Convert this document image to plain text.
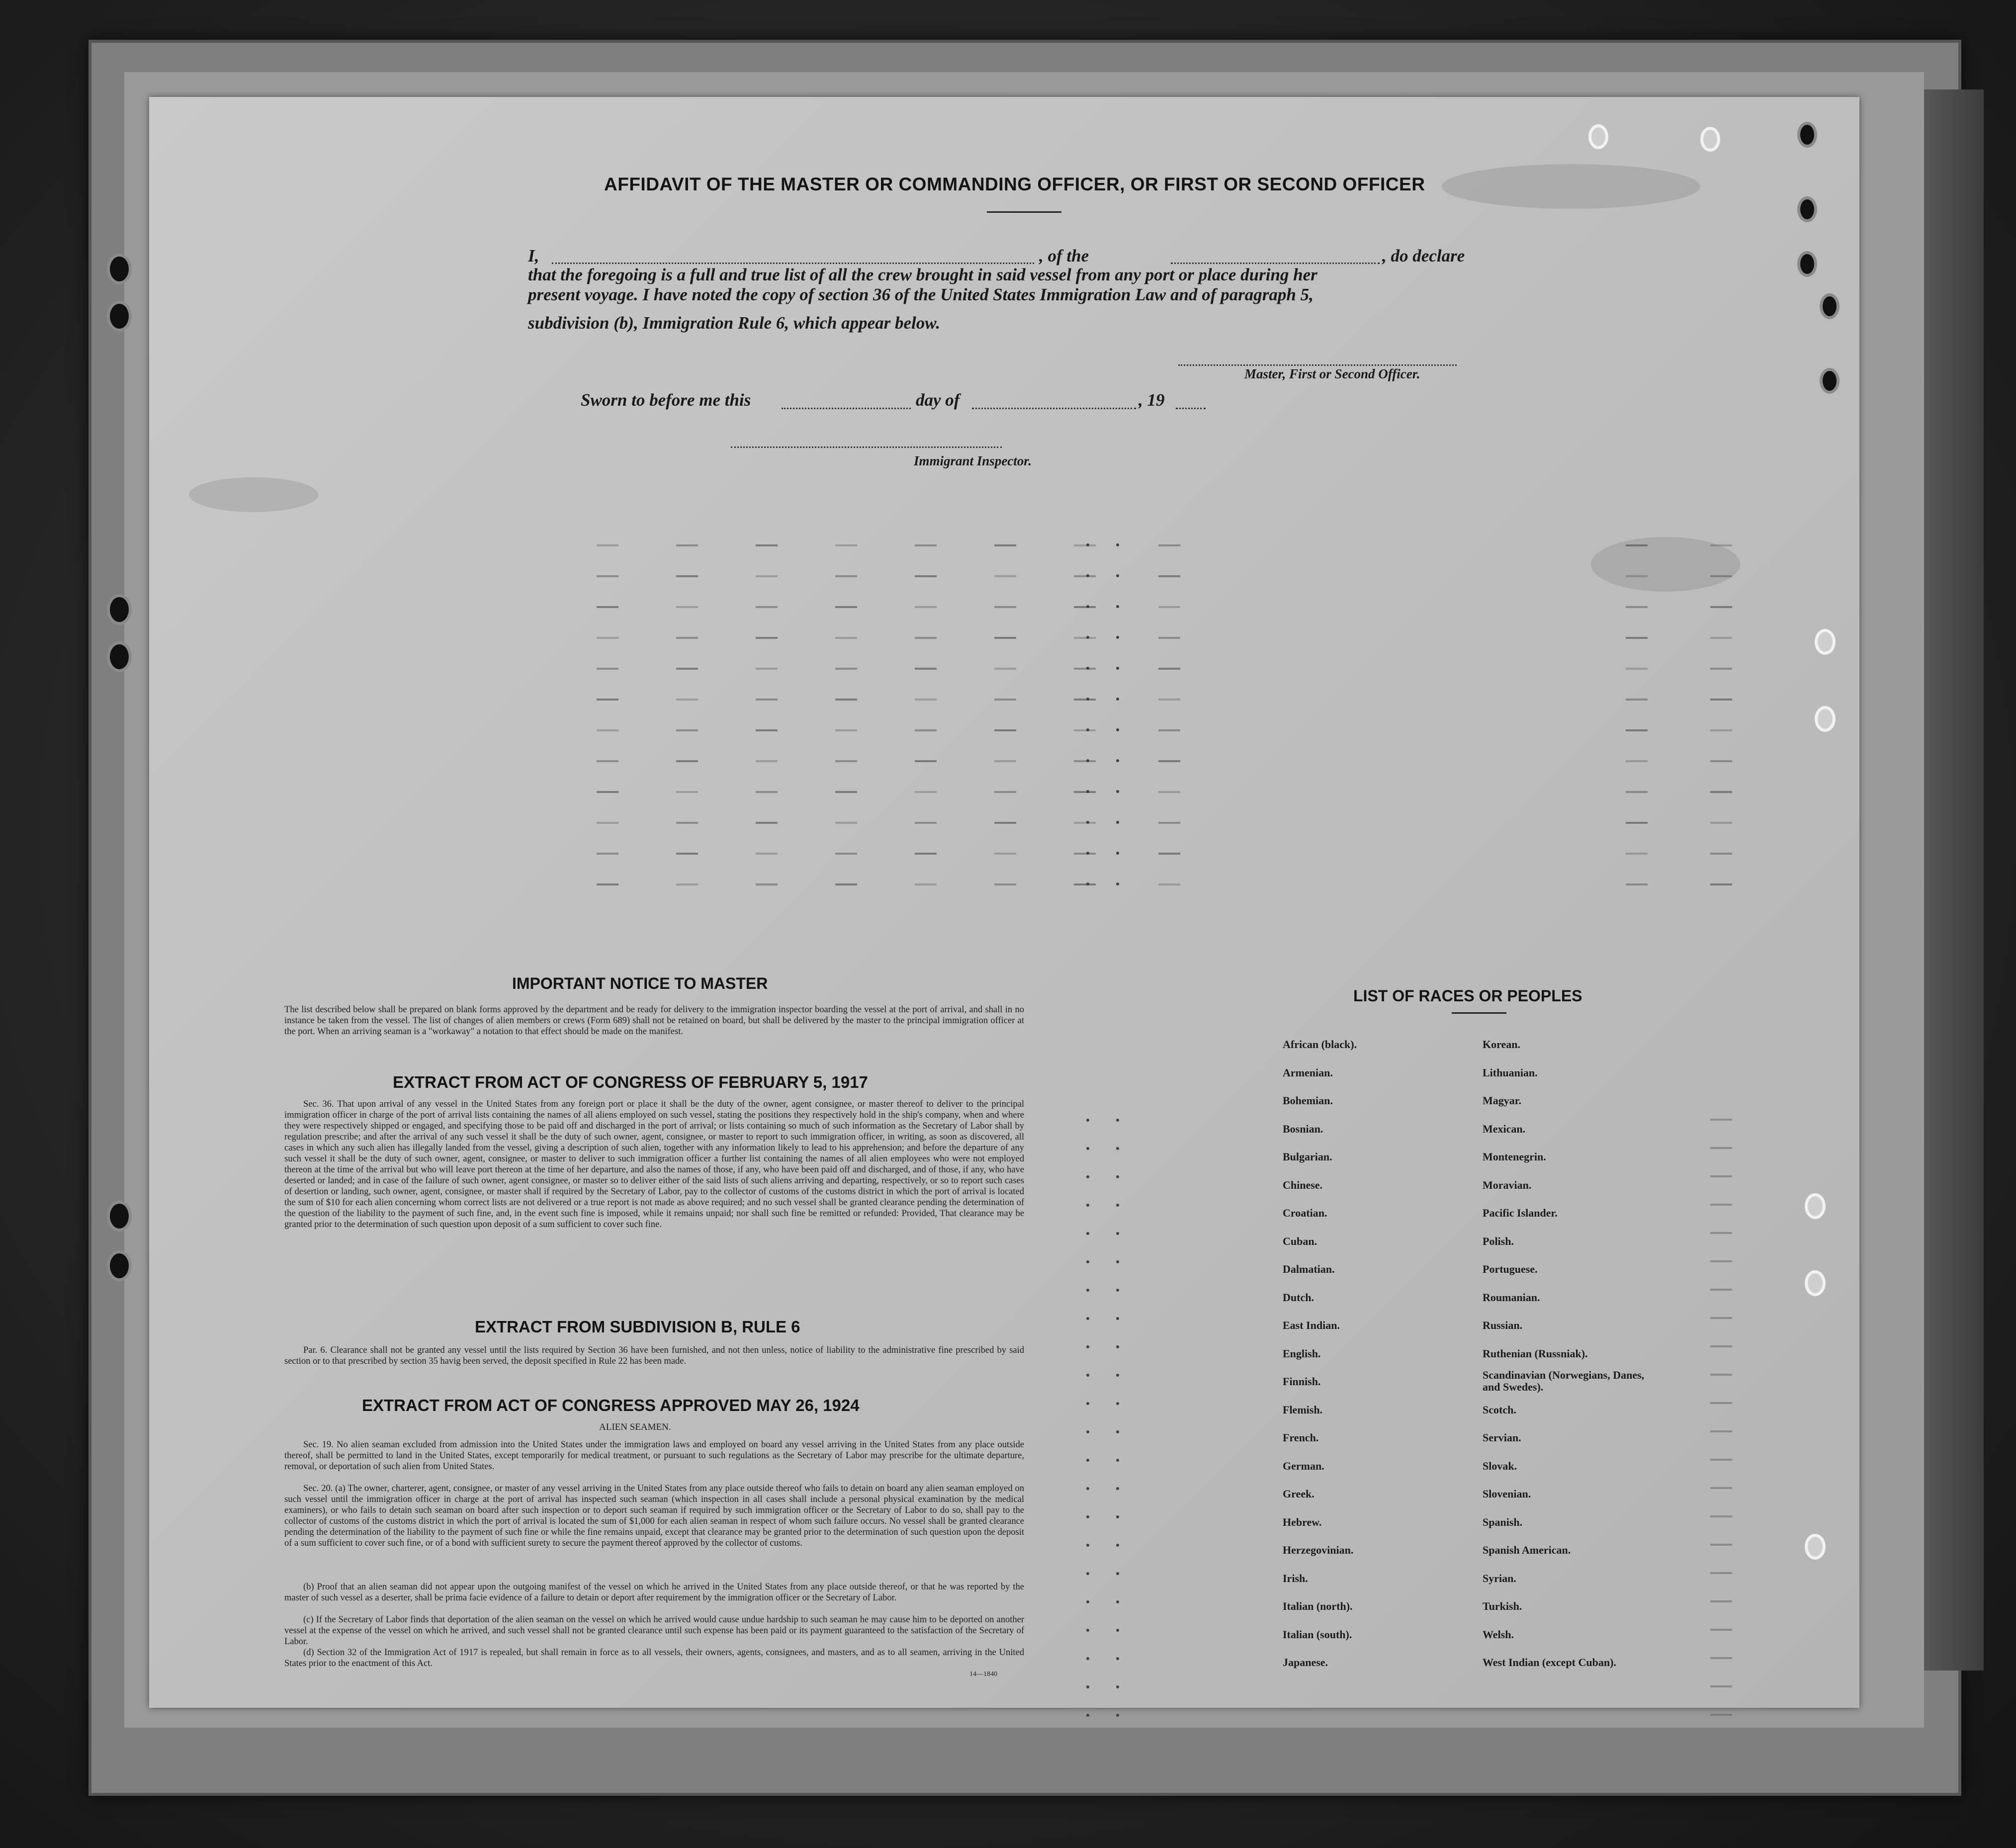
AFFIDAVIT OF THE MASTER OR COMMANDING OFFICER, OR FIRST OR SECOND OFFICER
I,	, of the	, do declare
that the foregoing is a full and true list of all the crew brought in said vessel from any port or place during her
present voyage. I have noted the copy of section 36 of the United States Immigration Law and of paragraph 5,
subdivision (b), Immigration Rule 6, which appear below.
Master, First or Second Officer.
Sworn to before me this	day of	, 19
Immigrant Inspector.
IMPORTANT NOTICE TO MASTER
The list described below shall be prepared on blank forms approved by the department and be ready for delivery to the immigration inspector boarding the vessel at the port of arrival, and shall in no instance be taken from the vessel. The list of changes of alien members or crews (Form 689) shall not be retained on board, but shall be delivered by the master to the principal immigration officer at the port. When an arriving seaman is a "workaway" a notation to that effect should be made on the manifest.
EXTRACT FROM ACT OF CONGRESS OF FEBRUARY 5, 1917
Sec. 36. That upon arrival of any vessel in the United States from any foreign port or place it shall be the duty of the owner, agent consignee, or master thereof to deliver to the principal immigration officer in charge of the port of arrival lists containing the names of all aliens employed on such vessel, stating the positions they respectively hold in the ship's company, when and where they were respectively shipped or engaged, and specifying those to be paid off and discharged in the port of arrival; or lists containing so much of such information as the Secretary of Labor shall by regulation prescribe; and after the arrival of any such vessel it shall be the duty of such owner, agent, consignee, or master to report to such immigration officer, in writing, as soon as discovered, all cases in which any such alien has illegally landed from the vessel, giving a description of such alien, together with any information likely to lead to his apprehension; and before the departure of any such vessel it shall be the duty of such owner, agent, consignee, or master to deliver to such immigration officer a further list containing the names of all alien employees who were not employed thereon at the time of the arrival but who will leave port thereon at the time of her departure, and also the names of those, if any, who have been paid off and discharged, and of those, if any, who have deserted or landed; and in case of the failure of such owner, agent consignee, or master so to deliver either of the said lists of such aliens arriving and departing, respectively, or so to report such cases of desertion or landing, such owner, agent, consignee, or master shall if required by the Secretary of Labor, pay to the collector of customs of the customs district in which the port of arrival is located the sum of $10 for each alien concerning whom correct lists are not delivered or a true report is not made as above required; and no such vessel shall be granted clearance pending the determination of the question of the liability to the payment of such fine, and, in the event such fine is imposed, while it remains unpaid; nor shall such fine be remitted or refunded: Provided, That clearance may be granted prior to the determination of such question upon deposit of a sum sufficient to cover such fine.
EXTRACT FROM SUBDIVISION B, RULE 6
Par. 6. Clearance shall not be granted any vessel until the lists required by Section 36 have been furnished, and not then unless, notice of liability to the administrative fine prescribed by said section or to that prescribed by section 35 havig been served, the deposit specified in Rule 22 has been made.
EXTRACT FROM ACT OF CONGRESS APPROVED MAY 26, 1924
ALIEN SEAMEN.
Sec. 19. No alien seaman excluded from admission into the United States under the immigration laws and employed on board any vessel arriving in the United States from any place outside thereof, shall be permitted to land in the United States, except temporarily for medical treatment, or pursuant to such regulations as the Secretary of Labor may prescribe for the ultimate departure, removal, or deportation of such alien from United States.
Sec. 20. (a) The owner, charterer, agent, consignee, or master of any vessel arriving in the United States from any place outside thereof who fails to detain on board any alien seaman employed on such vessel until the immigration officer in charge at the port of arrival has inspected such seaman (which inspection in all cases shall include a personal physical examination by the medical examiners), or who fails to detain such seaman on board after such inspection or to deport such seaman if required by such immigration officer or the Secretary of Labor to do so, shall pay to the collector of customs of the customs district in which the port of arrival is located the sum of $1,000 for each alien seaman in respect of whom such failure occurs. No vessel shall be granted clearance pending the determination of the liability to the payment of such fine or while the fine remains unpaid, except that clearance may be granted prior to the determination of such question upon the deposit of a sum sufficient to cover such fine, or of a bond with sufficient surety to secure the payment thereof approved by the collector of customs.
(b) Proof that an alien seaman did not appear upon the outgoing manifest of the vessel on which he arrived in the United States from any place outside thereof, or that he was reported by the master of such vessel as a deserter, shall be prima facie evidence of a failure to detain or deport after requirement by the immigration officer or the Secretary of Labor.
(c) If the Secretary of Labor finds that deportation of the alien seaman on the vessel on which he arrived would cause undue hardship to such seaman he may cause him to be deported on another vessel at the expense of the vessel on which he arrived, and such vessel shall not be granted clearance until such expense has been paid or its payment guaranteed to the satisfaction of the Secretary of Labor.
(d) Section 32 of the Immigration Act of 1917 is repealed, but shall remain in force as to all vessels, their owners, agents, consignees, and masters, and as to all seamen, arriving in the United States prior to the enactment of this Act.
14—1840
LIST OF RACES OR PEOPLES
African (black).
Armenian.
Bohemian.
Bosnian.
Bulgarian.
Chinese.
Croatian.
Cuban.
Dalmatian.
Dutch.
East Indian.
English.
Finnish.
Flemish.
French.
German.
Greek.
Hebrew.
Herzegovinian.
Irish.
Italian (north).
Italian (south).
Japanese.
Korean.
Lithuanian.
Magyar.
Mexican.
Montenegrin.
Moravian.
Pacific Islander.
Polish.
Portuguese.
Roumanian.
Russian.
Ruthenian (Russniak).
Scandinavian (Norwegians, Danes, and Swedes).
Scotch.
Servian.
Slovak.
Slovenian.
Spanish.
Spanish American.
Syrian.
Turkish.
Welsh.
West Indian (except Cuban).
